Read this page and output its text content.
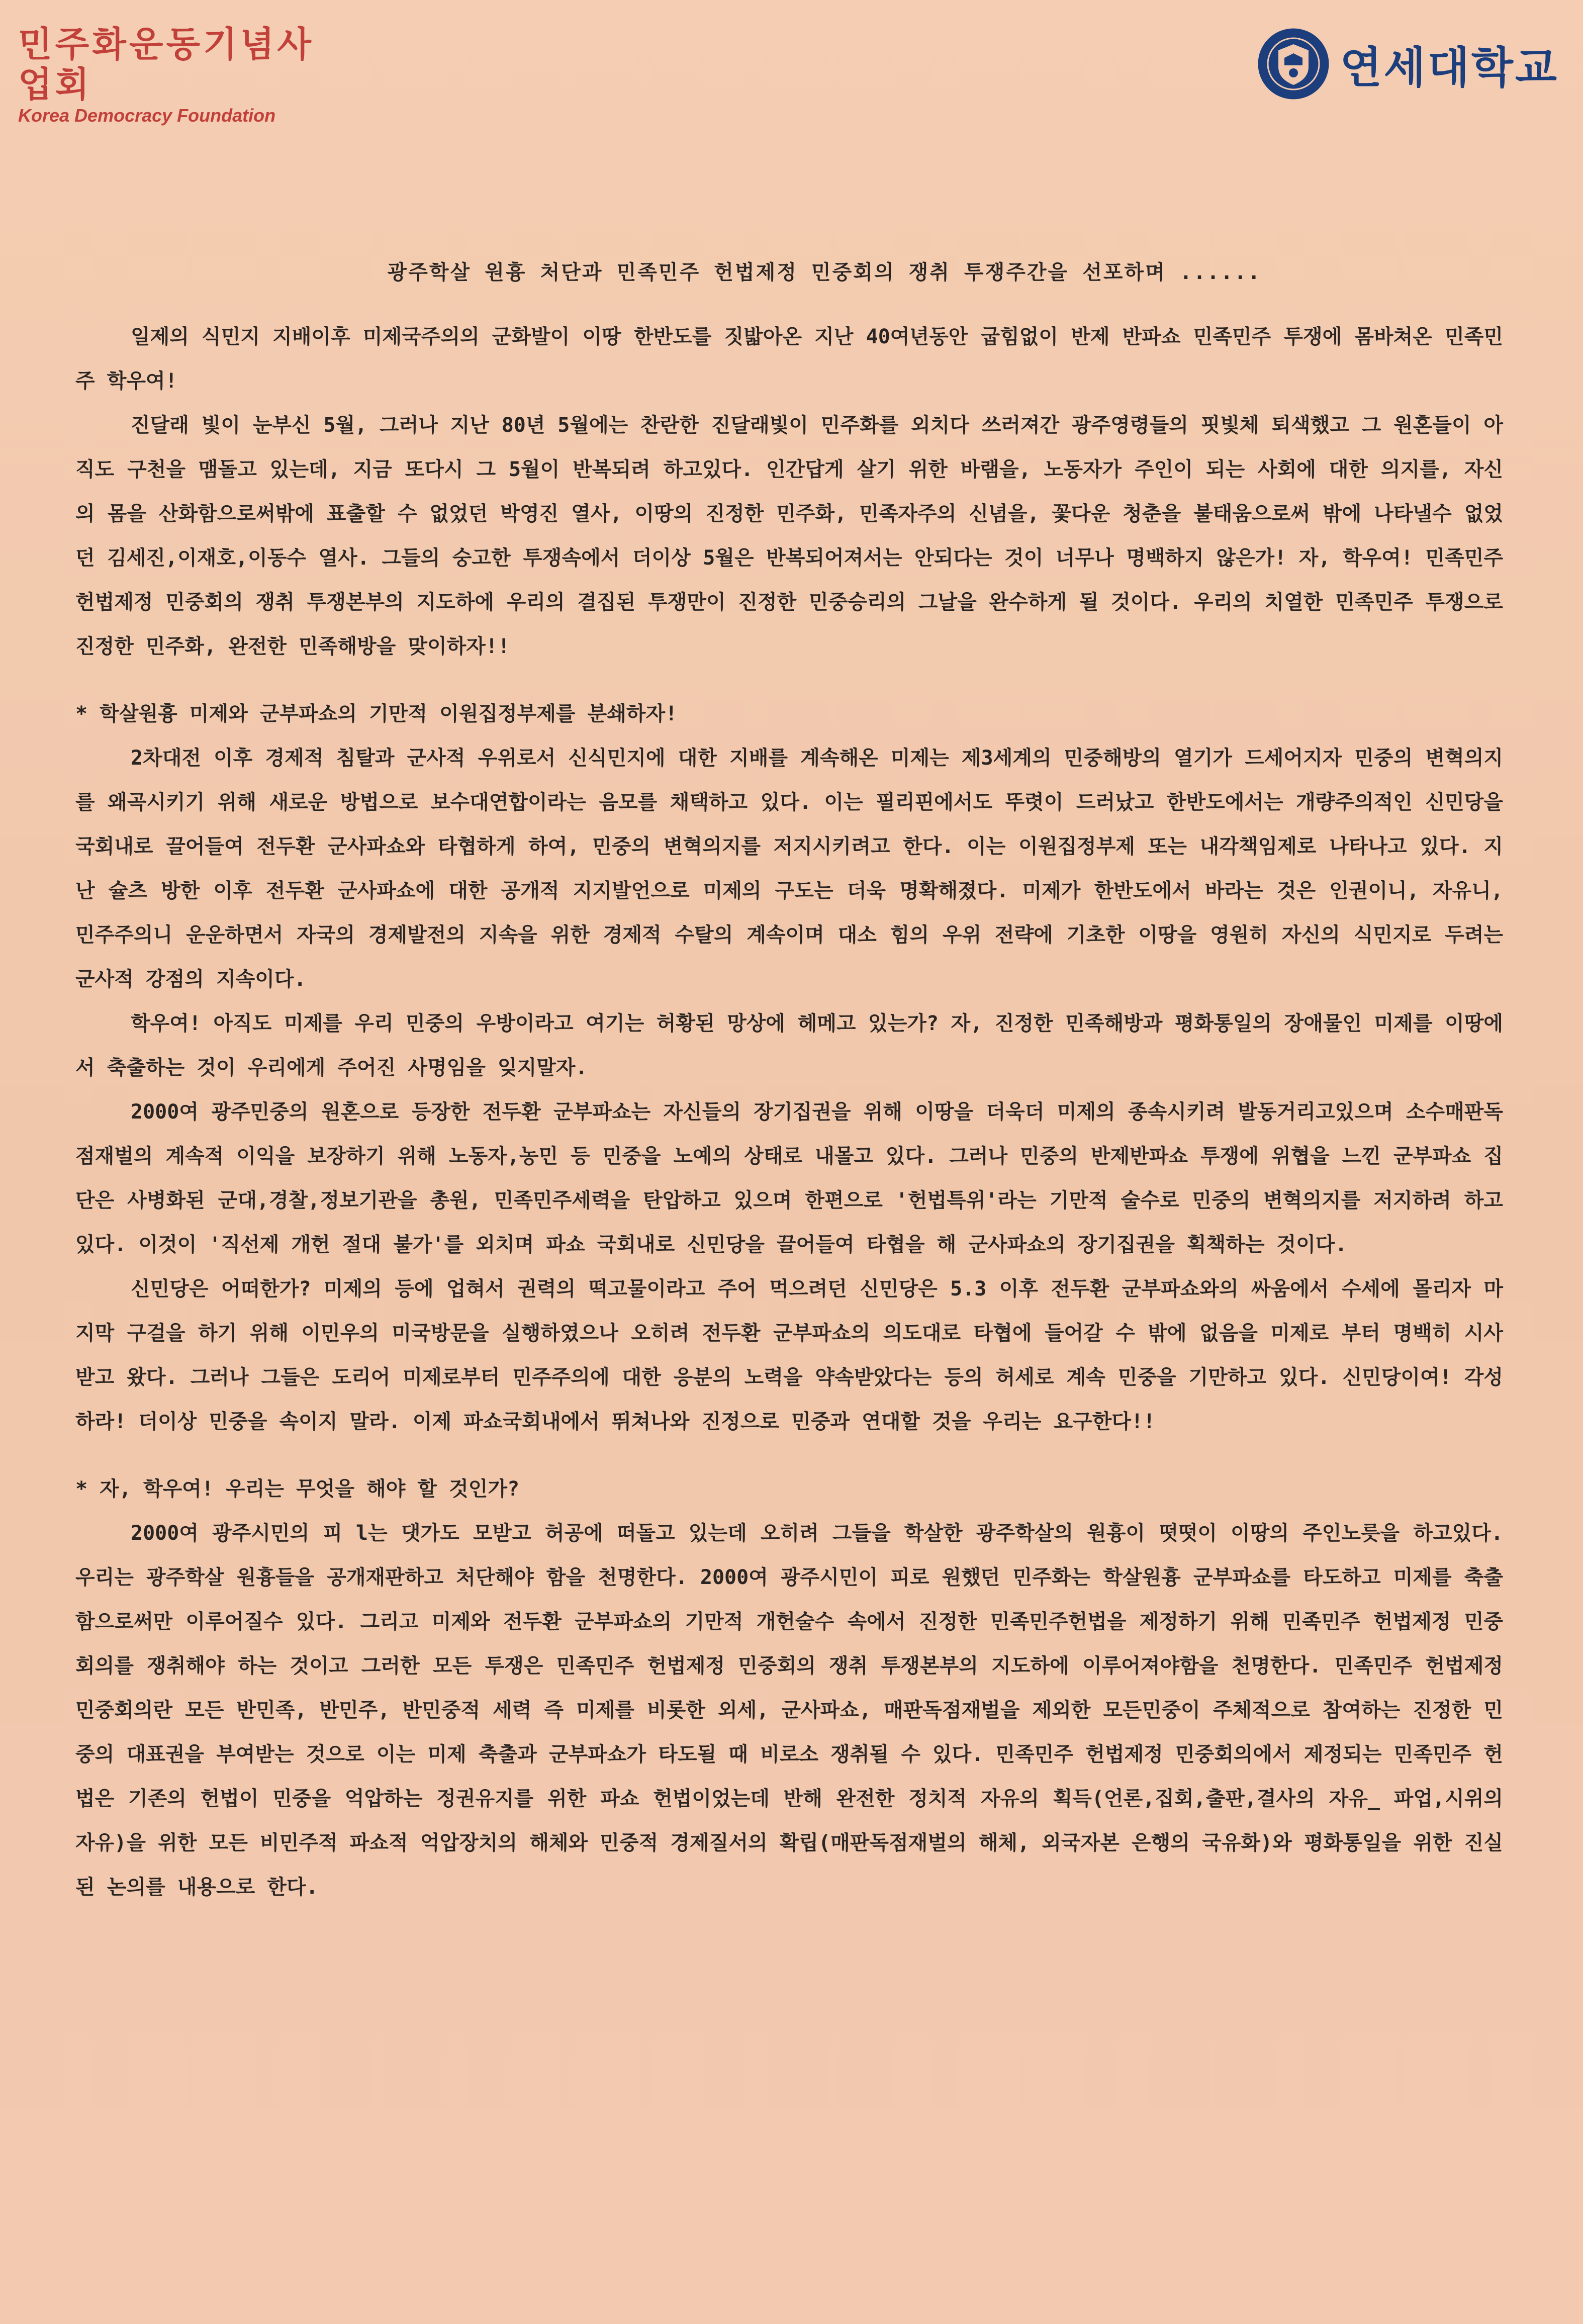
민주화운동기념사업회
Korea Democracy Foundation
연세대학교
광주학살 원흉 처단과 민족민주 헌법제정 민중회의 쟁취 투쟁주간을 선포하며 ......

일제의 식민지 지배이후 미제국주의의 군화발이 이땅 한반도를 짓밟아온 지난 40여년동안 굽힘없이 반제 반파쇼 민족민주 투쟁에 몸바쳐온 민족민주 학우여!

진달래 빛이 눈부신 5월, 그러나 지난 80년 5월에는 찬란한 진달래빛이 민주화를 외치다 쓰러져간 광주영령들의 핏빛체 퇴색했고 그 원혼들이 아직도 구천을 맴돌고 있는데, 지금 또다시 그 5월이 반복되려 하고있다. 인간답게 살기 위한 바램을, 노동자가 주인이 되는 사회에 대한 의지를, 자신의 몸을 산화함으로써밖에 표출할 수 없었던 박영진 열사, 이땅의 진정한 민주화, 민족자주의 신념을, 꽃다운 청춘을 불태움으로써 밖에 나타낼수 없었던 김세진,이재호,이동수 열사. 그들의 숭고한 투쟁속에서 더이상 5월은 반복되어져서는 안되다는 것이 너무나 명백하지 않은가! 자, 학우여! 민족민주 헌법제정 민중회의 쟁취 투쟁본부의 지도하에 우리의 결집된 투쟁만이 진정한 민중승리의 그날을 완수하게 될 것이다. 우리의 치열한 민족민주 투쟁으로 진정한 민주화, 완전한 민족해방을 맞이하자!!

* 학살원흉 미제와 군부파쇼의 기만적 이원집정부제를 분쇄하자!

2차대전 이후 경제적 침탈과 군사적 우위로서 신식민지에 대한 지배를 계속해온 미제는 제3세계의 민중해방의 열기가 드세어지자 민중의 변혁의지를 왜곡시키기 위해 새로운 방법으로 보수대연합이라는 음모를 채택하고 있다. 이는 필리핀에서도 뚜렷이 드러났고 한반도에서는 개량주의적인 신민당을 국회내로 끌어들여 전두환 군사파쇼와 타협하게 하여, 민중의 변혁의지를 저지시키려고 한다. 이는 이원집정부제 또는 내각책임제로 나타나고 있다. 지난 슐츠 방한 이후 전두환 군사파쇼에 대한 공개적 지지발언으로 미제의 구도는 더욱 명확해졌다. 미제가 한반도에서 바라는 것은 인권이니, 자유니, 민주주의니 운운하면서 자국의 경제발전의 지속을 위한 경제적 수탈의 계속이며 대소 힘의 우위 전략에 기초한 이땅을 영원히 자신의 식민지로 두려는 군사적 강점의 지속이다.

학우여! 아직도 미제를 우리 민중의 우방이라고 여기는 허황된 망상에 헤메고 있는가? 자, 진정한 민족해방과 평화통일의 장애물인 미제를 이땅에서 축출하는 것이 우리에게 주어진 사명임을 잊지말자.

2000여 광주민중의 원혼으로 등장한 전두환 군부파쇼는 자신들의 장기집권을 위해 이땅을 더욱더 미제의 종속시키려 발동거리고있으며 소수매판독점재벌의 계속적 이익을 보장하기 위해 노동자,농민 등 민중을 노예의 상태로 내몰고 있다. 그러나 민중의 반제반파쇼 투쟁에 위협을 느낀 군부파쇼 집단은 사병화된 군대,경찰,정보기관을 총원, 민족민주세력을 탄압하고 있으며 한편으로 '헌법특위'라는 기만적 술수로 민중의 변혁의지를 저지하려 하고있다. 이것이 '직선제 개헌 절대 불가'를 외치며 파쇼 국회내로 신민당을 끌어들여 타협을 해 군사파쇼의 장기집권을 획책하는 것이다.

신민당은 어떠한가? 미제의 등에 업혀서 권력의 떡고물이라고 주어 먹으려던 신민당은 5.3 이후 전두환 군부파쇼와의 싸움에서 수세에 몰리자 마지막 구걸을 하기 위해 이민우의 미국방문을 실행하였으나 오히려 전두환 군부파쇼의 의도대로 타협에 들어갈 수 밖에 없음을 미제로 부터 명백히 시사받고 왔다. 그러나 그들은 도리어 미제로부터 민주주의에 대한 응분의 노력을 약속받았다는 등의 허세로 계속 민중을 기만하고 있다. 신민당이여! 각성하라! 더이상 민중을 속이지 말라. 이제 파쇼국회내에서 뛰쳐나와 진정으로 민중과 연대할 것을 우리는 요구한다!!

* 자, 학우여! 우리는 무엇을 해야 할 것인가?

2000여 광주시민의 피 l는 댓가도 모받고 허공에 떠돌고 있는데 오히려 그들을 학살한 광주학살의 원흉이 떳떳이 이땅의 주인노릇을 하고있다. 우리는 광주학살 원흉들을 공개재판하고 처단해야 함을 천명한다. 2000여 광주시민이 피로 원했던 민주화는 학살원흉 군부파쇼를 타도하고 미제를 축출함으로써만 이루어질수 있다. 그리고 미제와 전두환 군부파쇼의 기만적 개헌술수 속에서 진정한 민족민주헌법을 제정하기 위해 민족민주 헌법제정 민중회의를 쟁취해야 하는 것이고 그러한 모든 투쟁은 민족민주 헌법제정 민중회의 쟁취 투쟁본부의 지도하에 이루어져야함을 천명한다. 민족민주 헌법제정 민중회의란 모든 반민족, 반민주, 반민중적 세력 즉 미제를 비롯한 외세, 군사파쇼, 매판독점재벌을 제외한 모든민중이 주체적으로 참여하는 진정한 민중의 대표권을 부여받는 것으로 이는 미제 축출과 군부파쇼가 타도될 때 비로소 쟁취될 수 있다. 민족민주 헌법제정 민중회의에서 제정되는 민족민주 헌법은 기존의 헌법이 민중을 억압하는 정권유지를 위한 파쇼 헌법이었는데 반해 완전한 정치적 자유의 획득(언론,집회,출판,결사의 자유_ 파업,시위의 자유)을 위한 모든 비민주적 파쇼적 억압장치의 해체와 민중적 경제질서의 확립(매판독점재벌의 해체, 외국자본 은행의 국유화)와 평화통일을 위한 진실된 논의를 내용으로 한다.
